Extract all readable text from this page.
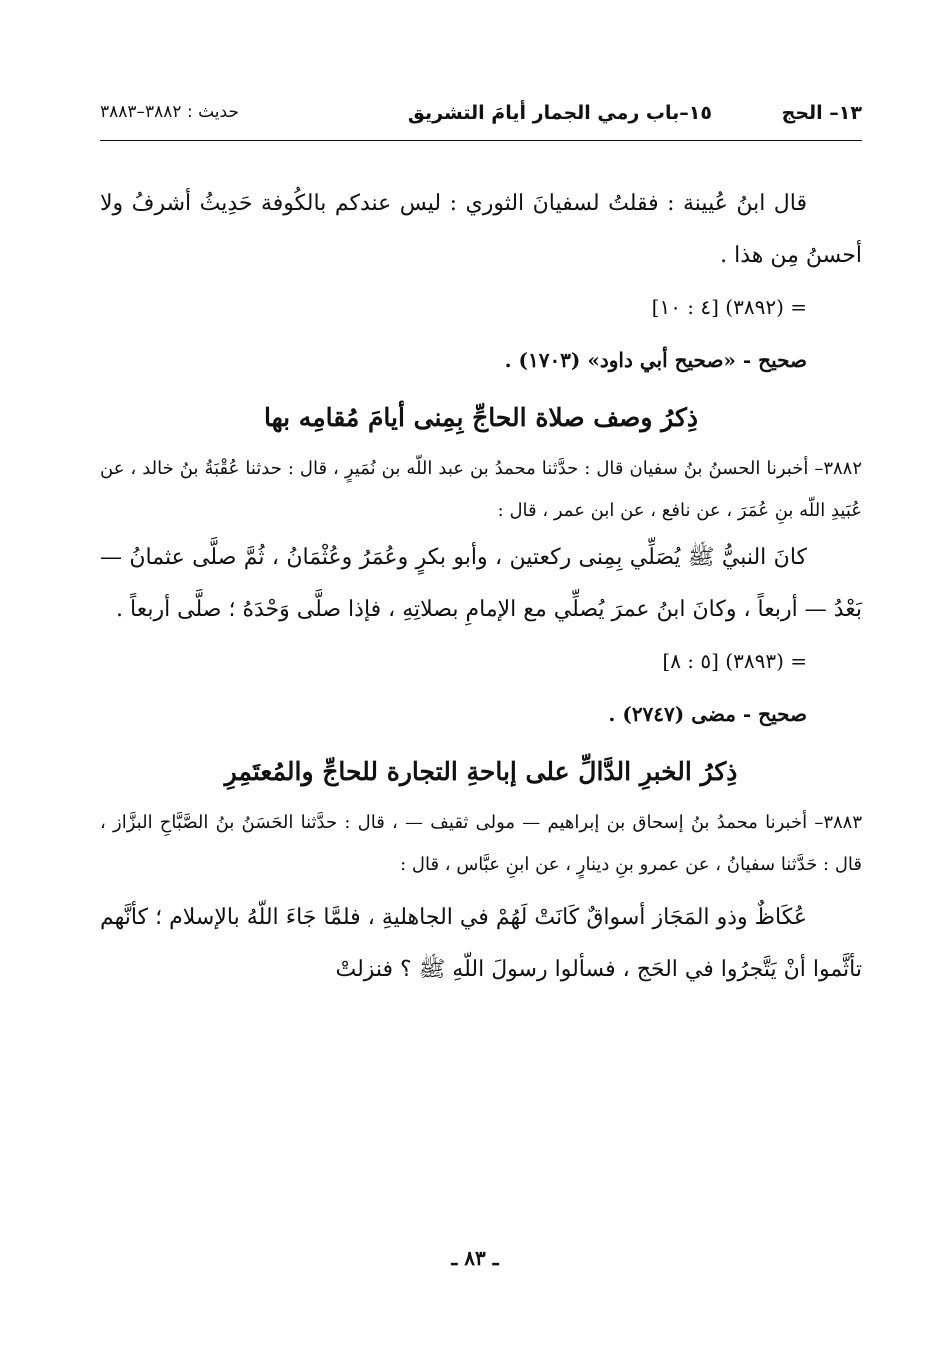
١٣– الحج
١٥–باب رمي الجمار أيامَ التشريق
حديث : ٣٨٨٢–٣٨٨٣

قال ابنُ عُيينة : فقلتُ لسفيانَ الثوري : ليس عندكم بالكُوفة حَدِيثُ أشرفُ ولا أحسنُ مِن هذا .

= (٣٨٩٢) [٤ : ١٠]

صحيح - «صحيح أبي داود» (١٧٠٣) .

ذِكرُ وصف صلاة الحاجِّ بِمِنى أيامَ مُقامِه بها

٣٨٨٢– أخبرنا الحسنُ بنُ سفيان قال : حدَّثنا محمدُ بن عبد اللّه بن نُمَيرٍ ، قال : حدثنا عُقْبَةُ بنُ خالد ، عن عُبَيدِ اللّه بنِ عُمَرَ ، عن نافع ، عن ابن عمر ، قال :

كانَ النبيُّ ﷺ يُصَلِّي بِمِنى ركعتين ، وأبو بكرٍ وعُمَرُ وعُثْمَانُ ، ثُمَّ صلَّى عثمانُ — بَعْدُ — أربعاً ، وكانَ ابنُ عمرَ يُصلِّي مع الإمامِ بصلاتِهِ ، فإذا صلَّى وَحْدَهُ ؛ صلَّى أربعاً .

= (٣٨٩٣) [٥ : ٨]

صحيح - مضى (٢٧٤٧) .

ذِكرُ الخبرِ الدَّالِّ على إباحةِ التجارة للحاجِّ والمُعتَمِرِ

٣٨٨٣– أخبرنا محمدُ بنُ إسحاق بن إبراهيم — مولى ثقيف — ، قال : حدَّثنا الحَسَنُ بنُ الصَّبَّاحِ البزَّاز ، قال : حَدَّثنا سفيانُ ، عن عمرو بنِ دينارٍ ، عن ابنِ عبَّاس ، قال :

عُكَاظٌ وذو المَجَاز أسواقٌ كَانَتْ لَهُمْ في الجاهليةِ ، فلمَّا جَاءَ اللّهُ بالإسلام ؛ كأنَّهم تأثَّموا أنْ يَتَّجرُوا في الحَج ، فسألوا رسولَ اللّهِ ﷺ ؟ فنزلتْ

ـ ٨٣ ـ
